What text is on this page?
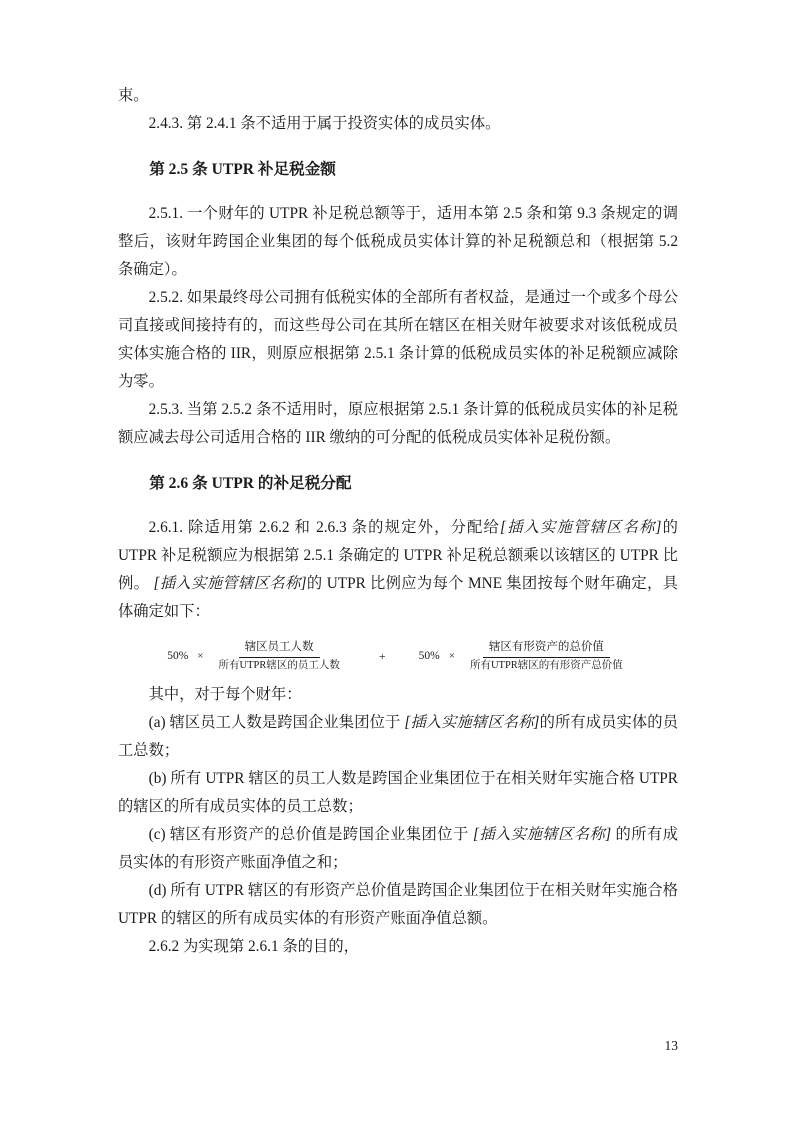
束。

2.4.3. 第 2.4.1 条不适用于属于投资实体的成员实体。

第 2.5 条 UTPR 补足税金额

2.5.1. 一个财年的 UTPR 补足税总额等于，适用本第 2.5 条和第 9.3 条规定的调整后，该财年跨国企业集团的每个低税成员实体计算的补足税额总和（根据第 5.2 条确定）。

2.5.2. 如果最终母公司拥有低税实体的全部所有者权益，是通过一个或多个母公司直接或间接持有的，而这些母公司在其所在辖区在相关财年被要求对该低税成员实体实施合格的 IIR，则原应根据第 2.5.1 条计算的低税成员实体的补足税额应减除为零。

2.5.3. 当第 2.5.2 条不适用时，原应根据第 2.5.1 条计算的低税成员实体的补足税额应减去母公司适用合格的 IIR 缴纳的可分配的低税成员实体补足税份额。

第 2.6 条 UTPR 的补足税分配

2.6.1. 除适用第 2.6.2 和 2.6.3 条的规定外，分配给[插入实施管辖区名称]的 UTPR 补足税额应为根据第 2.5.1 条确定的 UTPR 补足税总额乘以该辖区的 UTPR 比例。 [插入实施管辖区名称]的 UTPR 比例应为每个 MNE 集团按每个财年确定，具体确定如下：

$50\% \times \frac{\text{辖区员工人数}}{\text{所有UTPR辖区的员工人数}}$	+	$50\% \times \frac{\text{辖区有形资产的总价值}}{\text{所有UTPR辖区的有形资产总价值}}$

其中，对于每个财年：

(a) 辖区员工人数是跨国企业集团位于 [插入实施辖区名称]的所有成员实体的员工总数；

(b) 所有 UTPR 辖区的员工人数是跨国企业集团位于在相关财年实施合格 UTPR 的辖区的所有成员实体的员工总数；

(c) 辖区有形资产的总价值是跨国企业集团位于 [插入实施辖区名称] 的所有成员实体的有形资产账面净值之和；

(d) 所有 UTPR 辖区的有形资产总价值是跨国企业集团位于在相关财年实施合格 UTPR 的辖区的所有成员实体的有形资产账面净值总额。

2.6.2 为实现第 2.6.1 条的目的，

13
